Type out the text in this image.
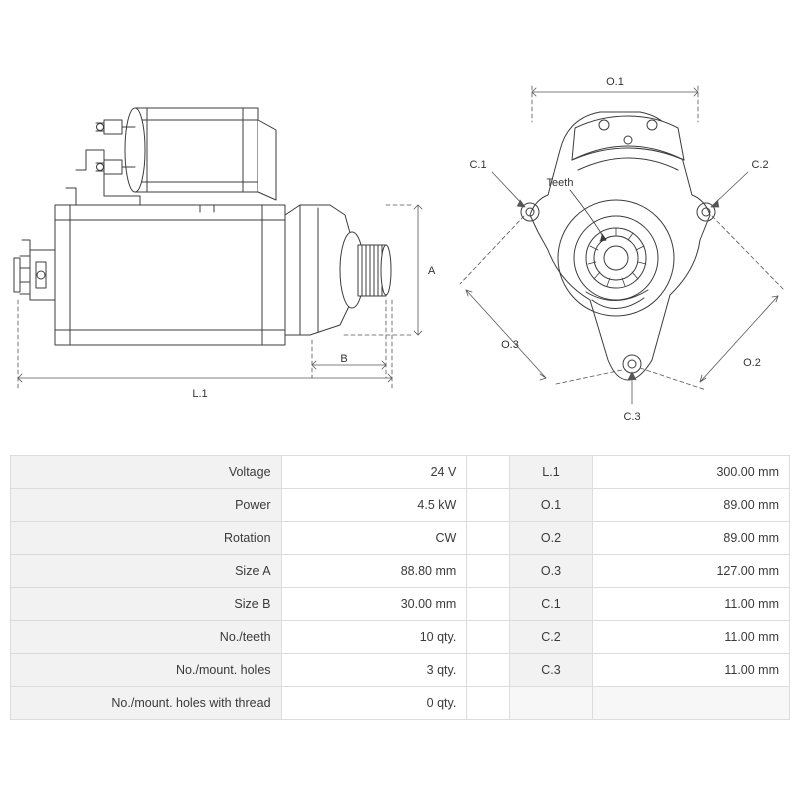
A
B
L.1
O.1
O.2
O.3
C.1	C.2
C.3
Teeth
Voltage	24 V		L.1	300.00 mm
Power	4.5 kW		O.1	89.00 mm
Rotation	CW		O.2	89.00 mm
Size A	88.80 mm		O.3	127.00 mm
Size B	30.00 mm		C.1	11.00 mm
No./teeth	10 qty.		C.2	11.00 mm
No./mount. holes	3 qty.		C.3	11.00 mm
No./mount. holes with thread	0 qty.			
